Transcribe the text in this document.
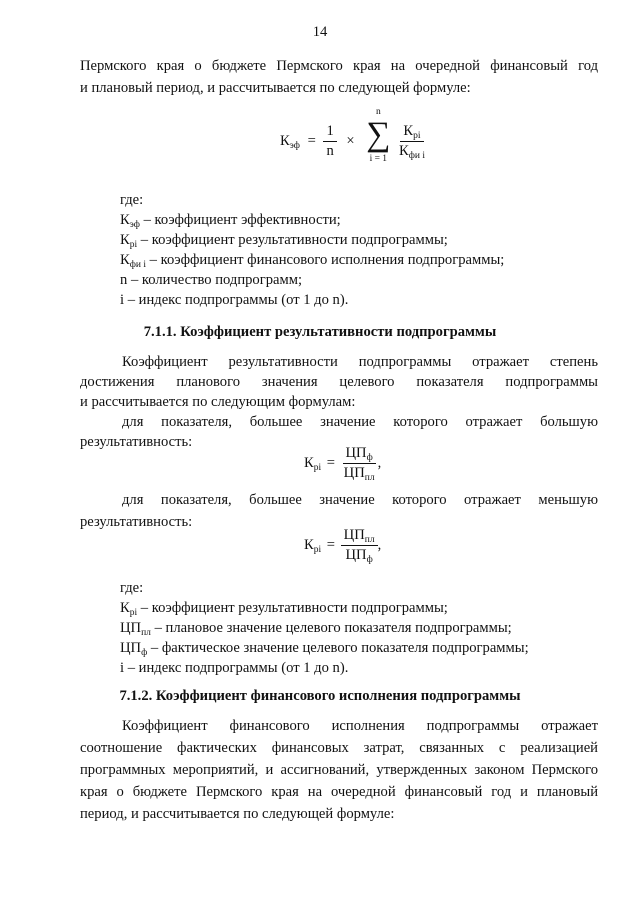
14
Пермского края о бюджете Пермского края на очередной финансовый год
и плановый период, и рассчитывается по следующей формуле:
$К_{эф} = \frac{1}{n}$ ×
n
∑
i = 1
$\frac{К_{рi}}{К_{фи i}}$
где:
$К_{эф}$ – коэффициент эффективности;
$К_{рi}$ – коэффициент результативности подпрограммы;
$К_{фи i}$ – коэффициент финансового исполнения подпрограммы;
n – количество подпрограмм;
i – индекс подпрограммы (от 1 до n).
7.1.1. Коэффициент результативности подпрограммы
Коэффициент результативности подпрограммы отражает степень
достижения планового значения целевого показателя подпрограммы
и рассчитывается по следующим формулам:
для показателя, большее значение которого отражает большую
результативность:
$К_{рi} = \frac{ЦП_ф}{ЦП_{пл}}$ ,
для показателя, большее значение которого отражает меньшую
результативность:
$К_{рi} = \frac{ЦП_{пл}}{ЦП_ф}$ ,
где:
$К_{рi}$ – коэффициент результативности подпрограммы;
$ЦП_{пл}$ – плановое значение целевого показателя подпрограммы;
$ЦП_ф$ – фактическое значение целевого показателя подпрограммы;
i – индекс подпрограммы (от 1 до n).
7.1.2. Коэффициент финансового исполнения подпрограммы
Коэффициент финансового исполнения подпрограммы отражает
соотношение фактических финансовых затрат, связанных с реализацией
программных мероприятий, и ассигнований, утвержденных законом Пермского
края о бюджете Пермского края на очередной финансовый год и плановый
период, и рассчитывается по следующей формуле:
